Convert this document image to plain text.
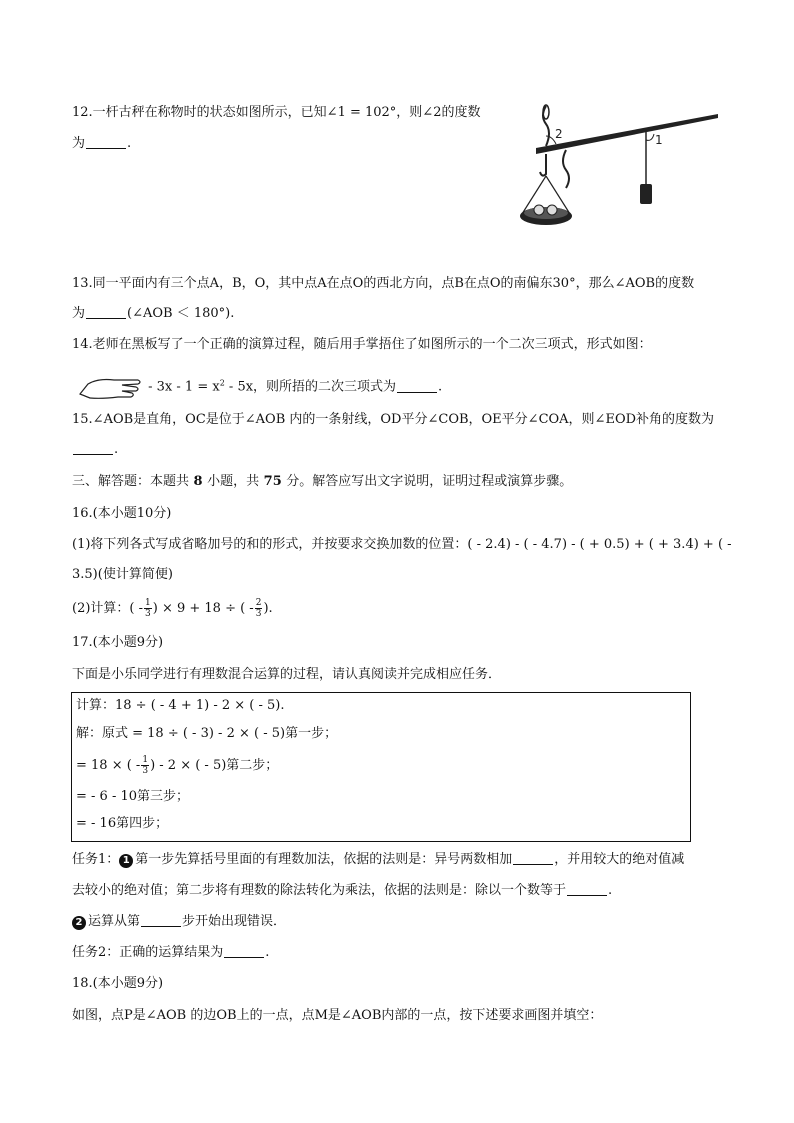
12.一杆古秤在称物时的状态如图所示，已知∠1 = 102°，则∠2的度数
为	.
2	1
13.同一平面内有三个点A，B，O，其中点A在点O的西北方向，点B在点O的南偏东30°，那么∠AOB的度数
为	(∠AOB ＜ 180°).
14.老师在黑板写了一个正确的演算过程，随后用手掌捂住了如图所示的一个二次三项式，形式如图：
- $3x - 1 = x^2 - 5x$，则所捂的二次三项式为	.
15.∠AOB是直角，OC是位于∠AOB 内的一条射线，OD平分∠COB，OE平分∠COA，则∠EOD补角的度数为
.
三、解答题：本题共 8 小题，共 75 分。解答应写出文字说明，证明过程或演算步骤。
16.(本小题10分)
(1)将下列各式写成省略加号的和的形式，并按要求交换加数的位置：( - 2.4) - ( - 4.7) - ( + 0.5) + ( + 3.4) + ( -
3.5)(使计算简便)
(2)计算：( - $\frac{1}{3}$ ) × 9 + 18 ÷ ( - $\frac{2}{3}$ ).
17.(本小题9分)
下面是小乐同学进行有理数混合运算的过程，请认真阅读并完成相应任务．
计算：18 ÷ ( - 4 + 1) - 2 × ( - 5).
解：原式 = 18 ÷ ( - 3) - 2 × ( - 5)第一步；
= 18 × ( - $\frac{1}{3}$ ) - 2 × ( - 5)第二步；
= - 6 - 10第三步；
= - 16第四步；
任务1： 1 第一步先算括号里面的有理数加法，依据的法则是：异号两数相加	，并用较大的绝对值减
去较小的绝对值；第二步将有理数的除法转化为乘法，依据的法则是：除以一个数等于	.
2 运算从第	步开始出现错误．
任务2：正确的运算结果为	.
18.(本小题9分)
如图，点P是∠AOB 的边OB上的一点，点M是∠AOB内部的一点，按下述要求画图并填空：
